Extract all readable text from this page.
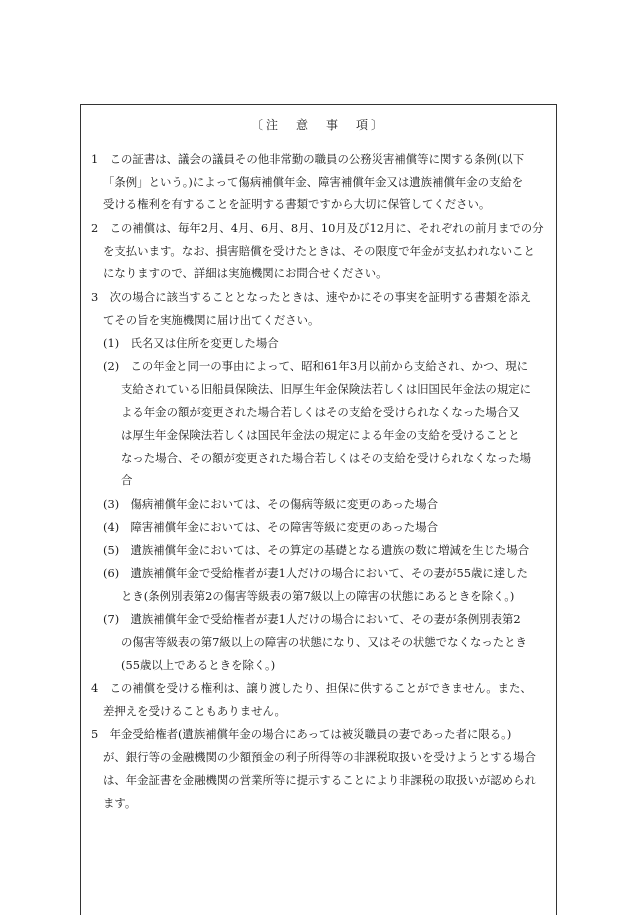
〔注　意　事　項〕
1　この証書は、議会の議員その他非常勤の職員の公務災害補償等に関する条例(以下
「条例」という。)によって傷病補償年金、障害補償年金又は遺族補償年金の支給を
受ける権利を有することを証明する書類ですから大切に保管してください。
2　この補償は、毎年2月、4月、6月、8月、10月及び12月に、それぞれの前月までの分
を支払います。なお、損害賠償を受けたときは、その限度で年金が支払われないこと
になりますので、詳細は実施機関にお問合せください。
3　次の場合に該当することとなったときは、速やかにその事実を証明する書類を添え
てその旨を実施機関に届け出てください。
(1)　氏名又は住所を変更した場合
(2)　この年金と同一の事由によって、昭和61年3月以前から支給され、かつ、現に
支給されている旧船員保険法、旧厚生年金保険法若しくは旧国民年金法の規定に
よる年金の額が変更された場合若しくはその支給を受けられなくなった場合又
は厚生年金保険法若しくは国民年金法の規定による年金の支給を受けることと
なった場合、その額が変更された場合若しくはその支給を受けられなくなった場
合
(3)　傷病補償年金においては、その傷病等級に変更のあった場合
(4)　障害補償年金においては、その障害等級に変更のあった場合
(5)　遺族補償年金においては、その算定の基礎となる遺族の数に増減を生じた場合
(6)　遺族補償年金で受給権者が妻1人だけの場合において、その妻が55歳に達した
とき(条例別表第2の傷害等級表の第7級以上の障害の状態にあるときを除く。)
(7)　遺族補償年金で受給権者が妻1人だけの場合において、その妻が条例別表第2
の傷害等級表の第7級以上の障害の状態になり、又はその状態でなくなったとき
(55歳以上であるときを除く。)
4　この補償を受ける権利は、譲り渡したり、担保に供することができません。また、
差押えを受けることもありません。
5　年金受給権者(遺族補償年金の場合にあっては被災職員の妻であった者に限る。)
が、銀行等の金融機関の少額預金の利子所得等の非課税取扱いを受けようとする場合
は、年金証書を金融機関の営業所等に提示することにより非課税の取扱いが認められ
ます。
